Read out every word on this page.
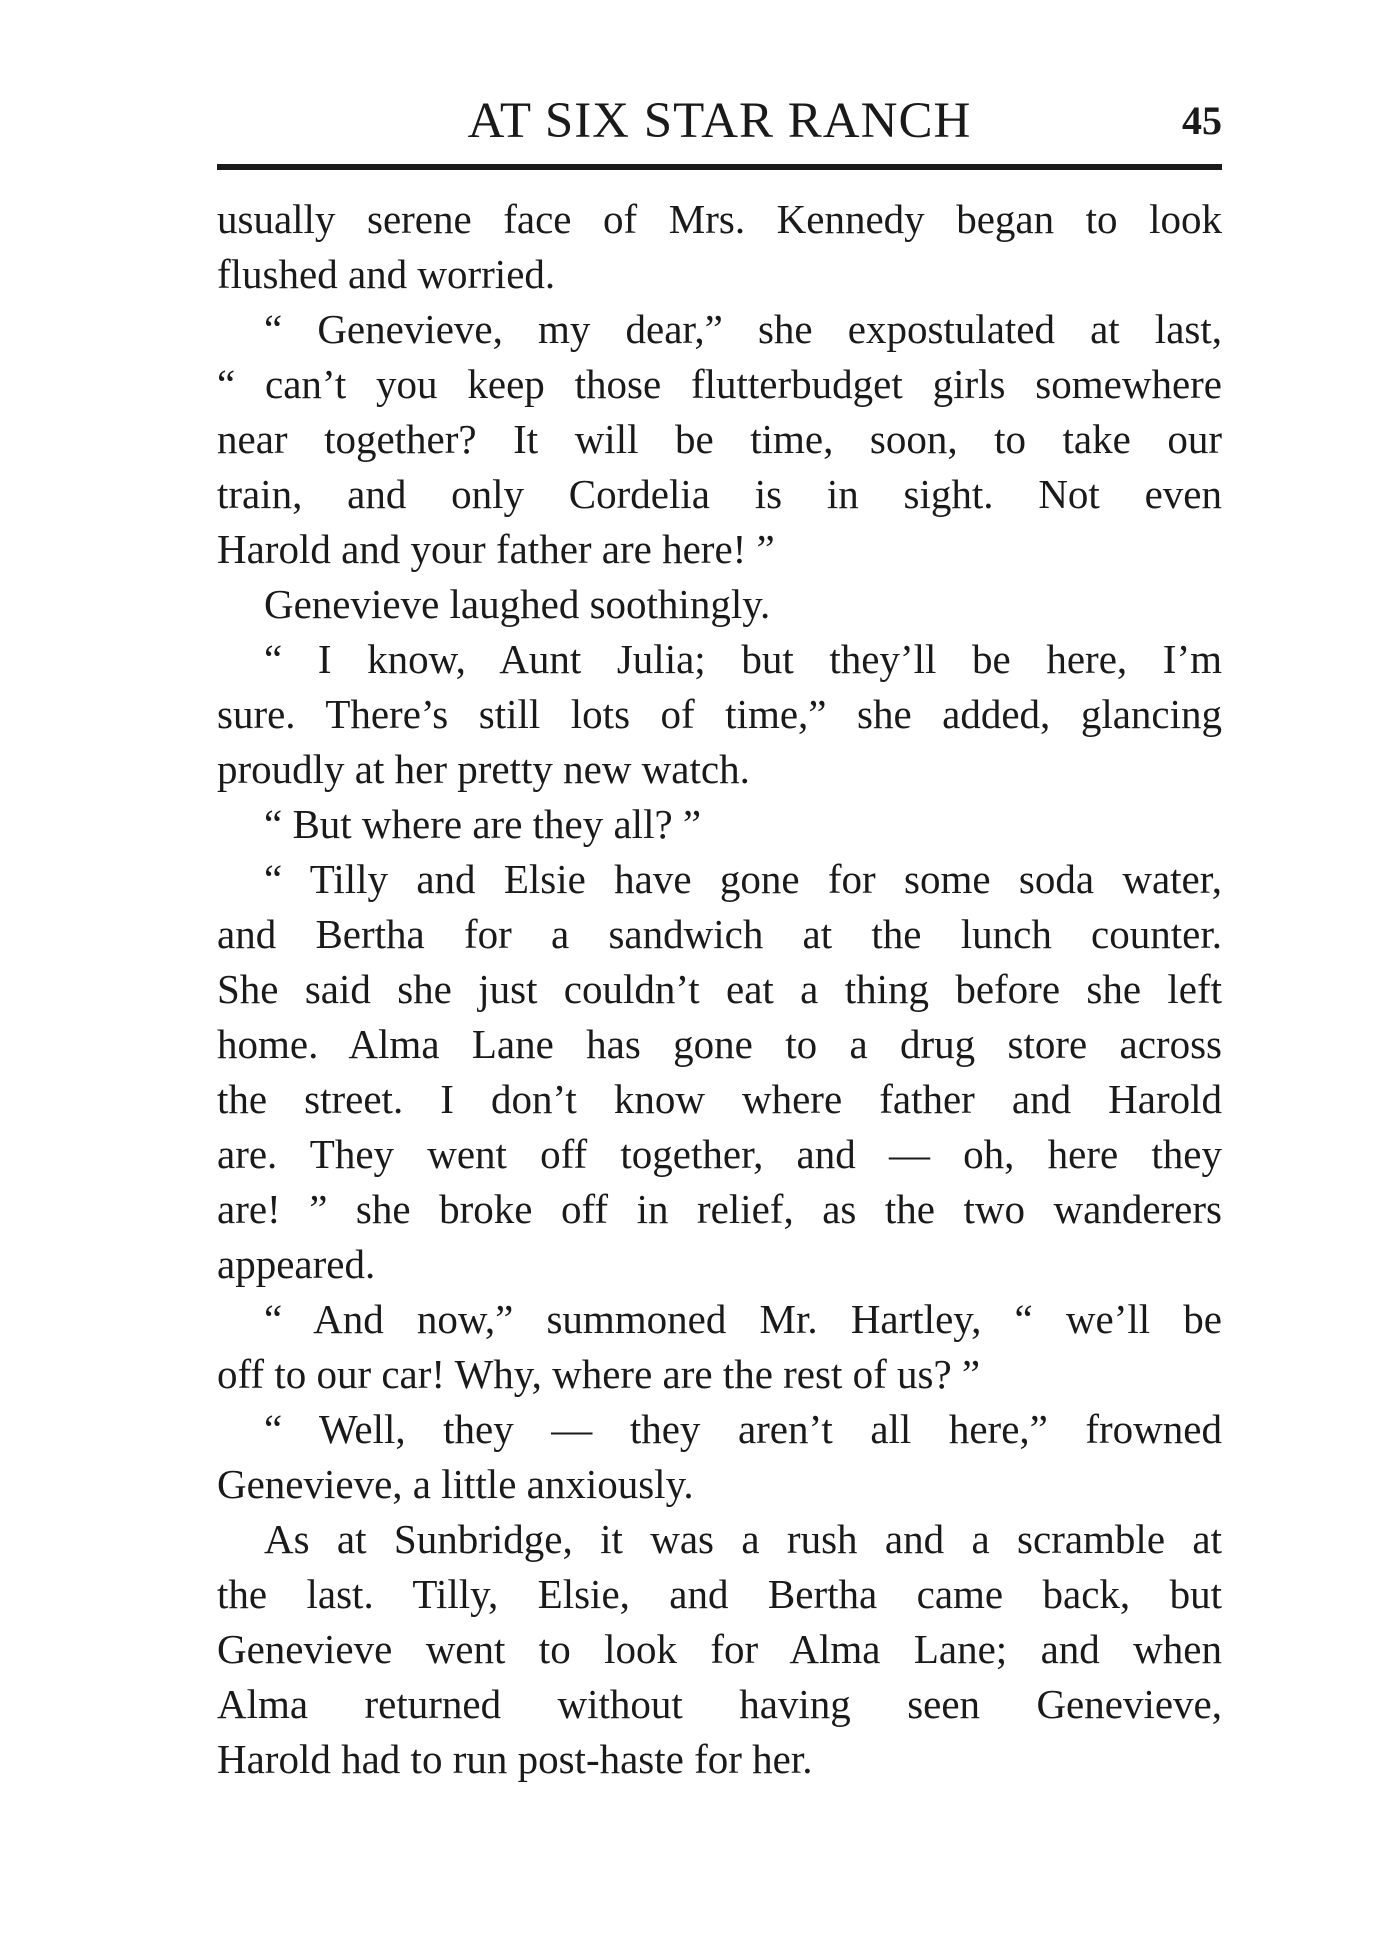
AT SIX STAR RANCH	45
usually serene face of Mrs. Kennedy began to look
flushed and worried.
“ Genevieve, my dear,” she expostulated at last,
“ can’t you keep those flutterbudget girls somewhere
near together? It will be time, soon, to take our
train, and only Cordelia is in sight. Not even
Harold and your father are here! ”
Genevieve laughed soothingly.
“ I know, Aunt Julia; but they’ll be here, I’m
sure. There’s still lots of time,” she added, glancing
proudly at her pretty new watch.
“ But where are they all? ”
“ Tilly and Elsie have gone for some soda water,
and Bertha for a sandwich at the lunch counter.
She said she just couldn’t eat a thing before she left
home. Alma Lane has gone to a drug store across
the street. I don’t know where father and Harold
are. They went off together, and — oh, here they
are! ” she broke off in relief, as the two wanderers
appeared.
“ And now,” summoned Mr. Hartley, “ we’ll be
off to our car! Why, where are the rest of us? ”
“ Well, they — they aren’t all here,” frowned
Genevieve, a little anxiously.
As at Sunbridge, it was a rush and a scramble at
the last. Tilly, Elsie, and Bertha came back, but
Genevieve went to look for Alma Lane; and when
Alma returned without having seen Genevieve,
Harold had to run post-haste for her.
